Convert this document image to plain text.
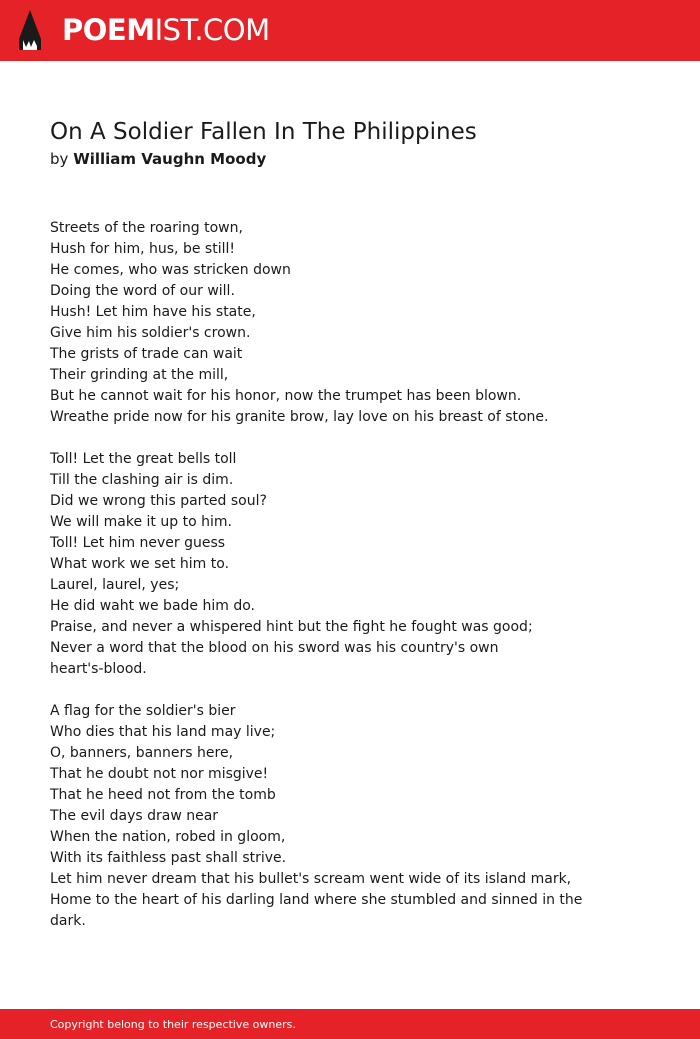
POEMIST.COM
On A Soldier Fallen In The Philippines
by William Vaughn Moody
Streets of the roaring town,
Hush for him, hus, be still!
He comes, who was stricken down
Doing the word of our will.
Hush! Let him have his state,
Give him his soldier's crown.
The grists of trade can wait
Their grinding at the mill,
But he cannot wait for his honor, now the trumpet has been blown.
Wreathe pride now for his granite brow, lay love on his breast of stone.
Toll! Let the great bells toll
Till the clashing air is dim.
Did we wrong this parted soul?
We will make it up to him.
Toll! Let him never guess
What work we set him to.
Laurel, laurel, yes;
He did waht we bade him do.
Praise, and never a whispered hint but the fight he fought was good;
Never a word that the blood on his sword was his country's own
heart's-blood.
A flag for the soldier's bier
Who dies that his land may live;
O, banners, banners here,
That he doubt not nor misgive!
That he heed not from the tomb
The evil days draw near
When the nation, robed in gloom,
With its faithless past shall strive.
Let him never dream that his bullet's scream went wide of its island mark,
Home to the heart of his darling land where she stumbled and sinned in the
dark.
Copyright belong to their respective owners.
